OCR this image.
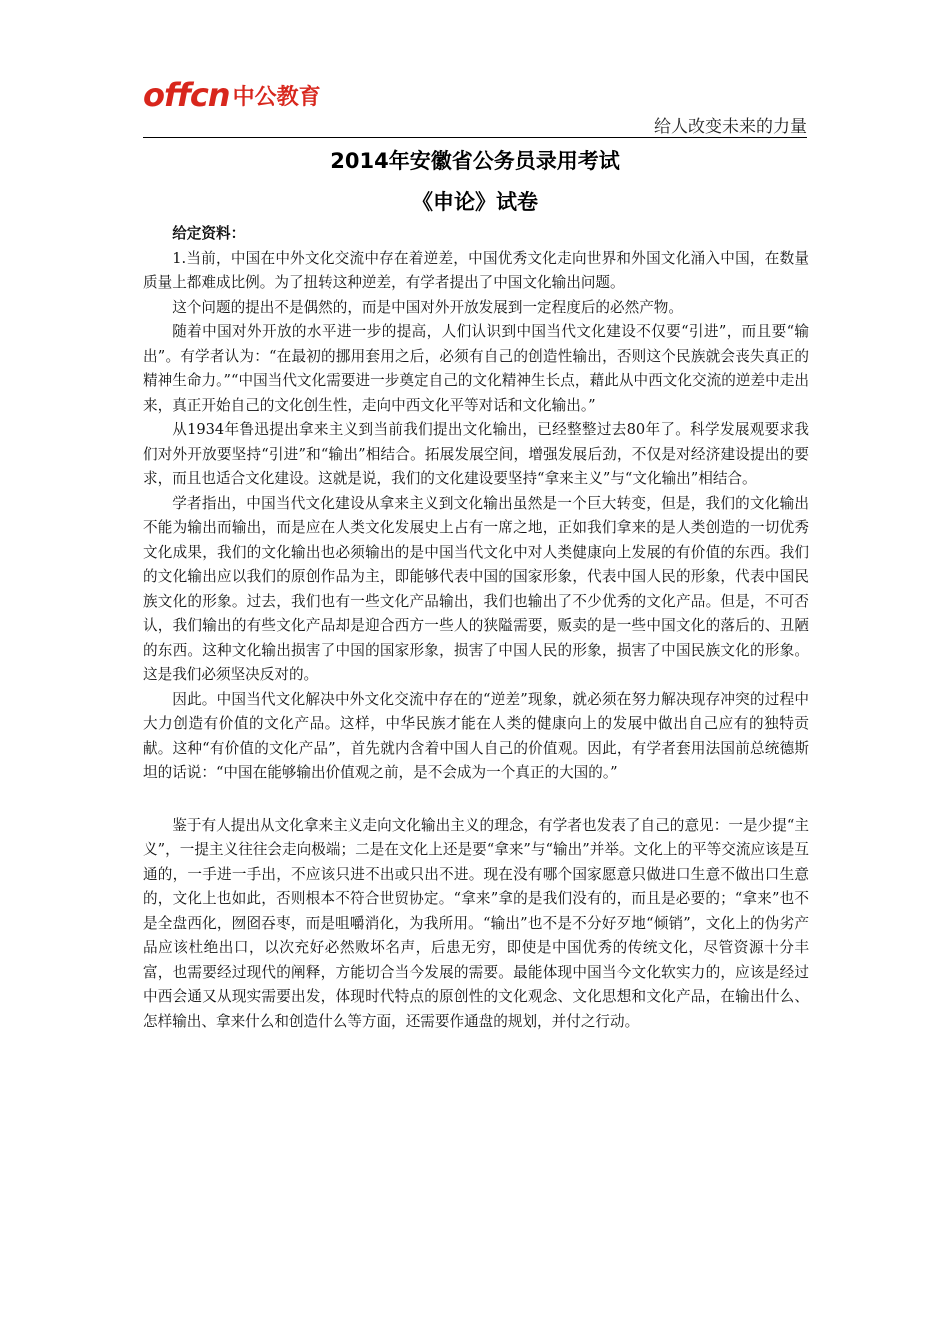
offcn 中公教育
给人改变未来的力量
2014年安徽省公务员录用考试
《申论》试卷

给定资料：

1.当前，中国在中外文化交流中存在着逆差，中国优秀文化走向世界和外国文化涌入中国，在数量质量上都难成比例。为了扭转这种逆差，有学者提出了中国文化输出问题。

这个问题的提出不是偶然的，而是中国对外开放发展到一定程度后的必然产物。

随着中国对外开放的水平进一步的提高，人们认识到中国当代文化建设不仅要“引进”，而且要“输出”。有学者认为：“在最初的挪用套用之后，必须有自己的创造性输出，否则这个民族就会丧失真正的精神生命力。”“中国当代文化需要进一步奠定自己的文化精神生长点，藉此从中西文化交流的逆差中走出来，真正开始自己的文化创生性，走向中西文化平等对话和文化输出。”

从1934年鲁迅提出拿来主义到当前我们提出文化输出，已经整整过去80年了。科学发展观要求我们对外开放要坚持“引进”和“输出”相结合。拓展发展空间，增强发展后劲，不仅是对经济建设提出的要求，而且也适合文化建设。这就是说，我们的文化建设要坚持“拿来主义”与“文化输出”相结合。

学者指出，中国当代文化建设从拿来主义到文化输出虽然是一个巨大转变，但是，我们的文化输出不能为输出而输出，而是应在人类文化发展史上占有一席之地，正如我们拿来的是人类创造的一切优秀文化成果，我们的文化输出也必须输出的是中国当代文化中对人类健康向上发展的有价值的东西。我们的文化输出应以我们的原创作品为主，即能够代表中国的国家形象，代表中国人民的形象，代表中国民族文化的形象。过去，我们也有一些文化产品输出，我们也输出了不少优秀的文化产品。但是，不可否认，我们输出的有些文化产品却是迎合西方一些人的狭隘需要，贩卖的是一些中国文化的落后的、丑陋的东西。这种文化输出损害了中国的国家形象，损害了中国人民的形象，损害了中国民族文化的形象。这是我们必须坚决反对的。

因此。中国当代文化解决中外文化交流中存在的“逆差”现象，就必须在努力解决现存冲突的过程中大力创造有价值的文化产品。这样，中华民族才能在人类的健康向上的发展中做出自己应有的独特贡献。这种“有价值的文化产品”，首先就内含着中国人自己的价值观。因此，有学者套用法国前总统德斯坦的话说：“中国在能够输出价值观之前，是不会成为一个真正的大国的。”

鉴于有人提出从文化拿来主义走向文化输出主义的理念，有学者也发表了自己的意见：一是少提“主义”，一提主义往往会走向极端；二是在文化上还是要“拿来”与“输出”并举。文化上的平等交流应该是互通的，一手进一手出，不应该只进不出或只出不进。现在没有哪个国家愿意只做进口生意不做出口生意的，文化上也如此，否则根本不符合世贸协定。“拿来”拿的是我们没有的，而且是必要的；“拿来”也不是全盘西化，囫囵吞枣，而是咀嚼消化，为我所用。“输出”也不是不分好歹地“倾销”，文化上的伪劣产品应该杜绝出口，以次充好必然败坏名声，后患无穷，即使是中国优秀的传统文化，尽管资源十分丰富，也需要经过现代的阐释，方能切合当今发展的需要。最能体现中国当今文化软实力的，应该是经过中西会通又从现实需要出发，体现时代特点的原创性的文化观念、文化思想和文化产品，在输出什么、怎样输出、拿来什么和创造什么等方面，还需要作通盘的规划，并付之行动。
